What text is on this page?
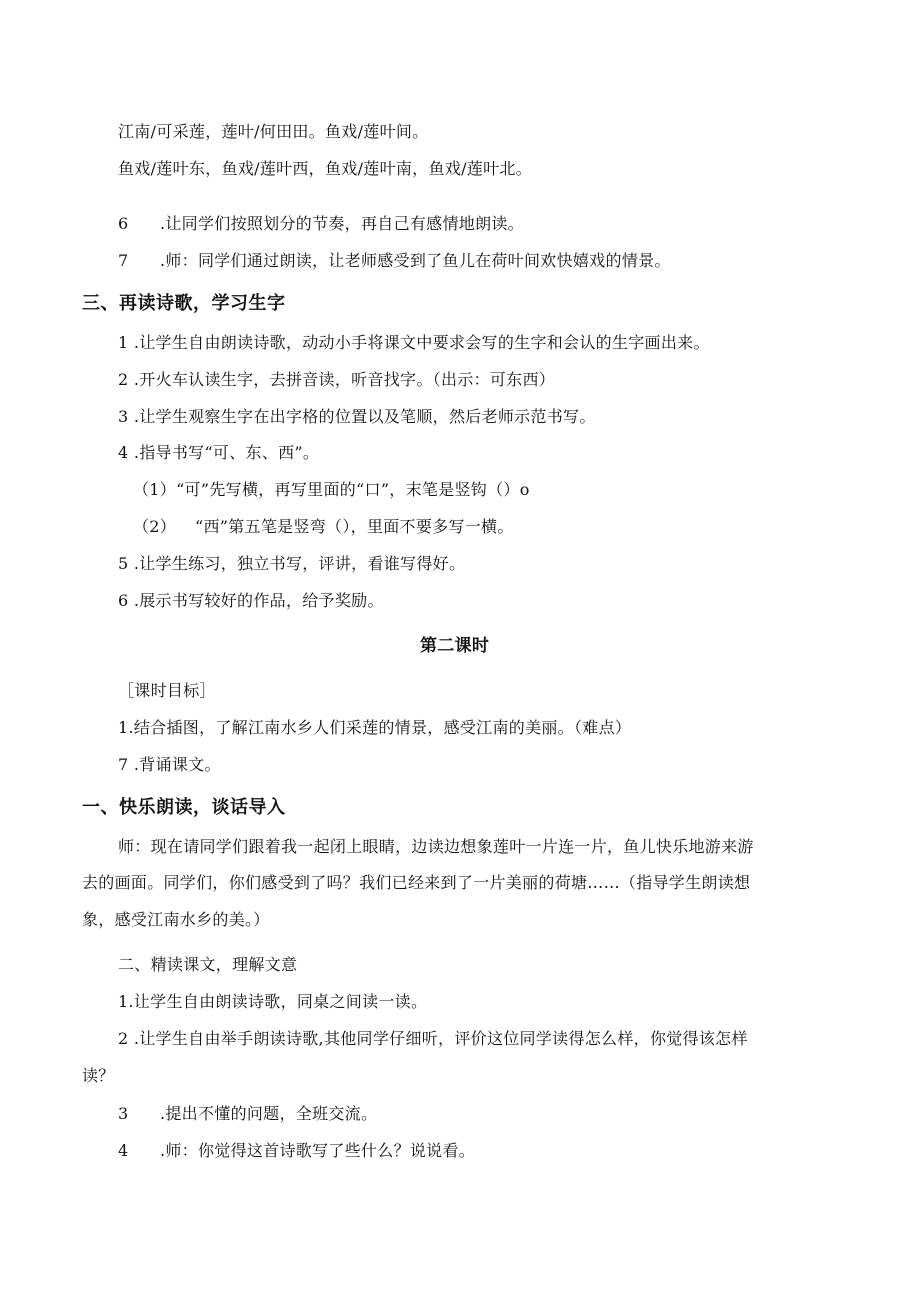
江南/可采莲，莲叶/何田田。鱼戏/莲叶间。
鱼戏/莲叶东，鱼戏/莲叶西，鱼戏/莲叶南，鱼戏/莲叶北。
6 .让同学们按照划分的节奏，再自己有感情地朗读。
7 .师：同学们通过朗读，让老师感受到了鱼儿在荷叶间欢快嬉戏的情景。
三、再读诗歌，学习生字
1 .让学生自由朗读诗歌，动动小手将课文中要求会写的生字和会认的生字画出来。
2 .开火车认读生字，去拼音读，听音找字。（出示：可东西）
3 .让学生观察生字在出字格的位置以及笔顺，然后老师示范书写。
4 .指导书写“可、东、西”。
（1）“可”先写横，再写里面的“口”，末笔是竖钩（）o
（2） “西”第五笔是竖弯（），里面不要多写一横。
5 .让学生练习，独立书写，评讲，看谁写得好。
6 .展示书写较好的作品，给予奖励。
第二课时
［课时目标］
1.结合插图，了解江南水乡人们采莲的情景，感受江南的美丽。（难点）
7 .背诵课文。
一、快乐朗读，谈话导入
师：现在请同学们跟着我一起闭上眼睛，边读边想象莲叶一片连一片，鱼儿快乐地游来游
去的画面。同学们，你们感受到了吗？我们已经来到了一片美丽的荷塘……（指导学生朗读想
象，感受江南水乡的美。）
二、精读课文，理解文意
1.让学生自由朗读诗歌，同桌之间读一读。
2 .让学生自由举手朗读诗歌,其他同学仔细听，评价这位同学读得怎么样，你觉得该怎样
读？
3 .提出不懂的问题，全班交流。
4 .师：你觉得这首诗歌写了些什么？说说看。
